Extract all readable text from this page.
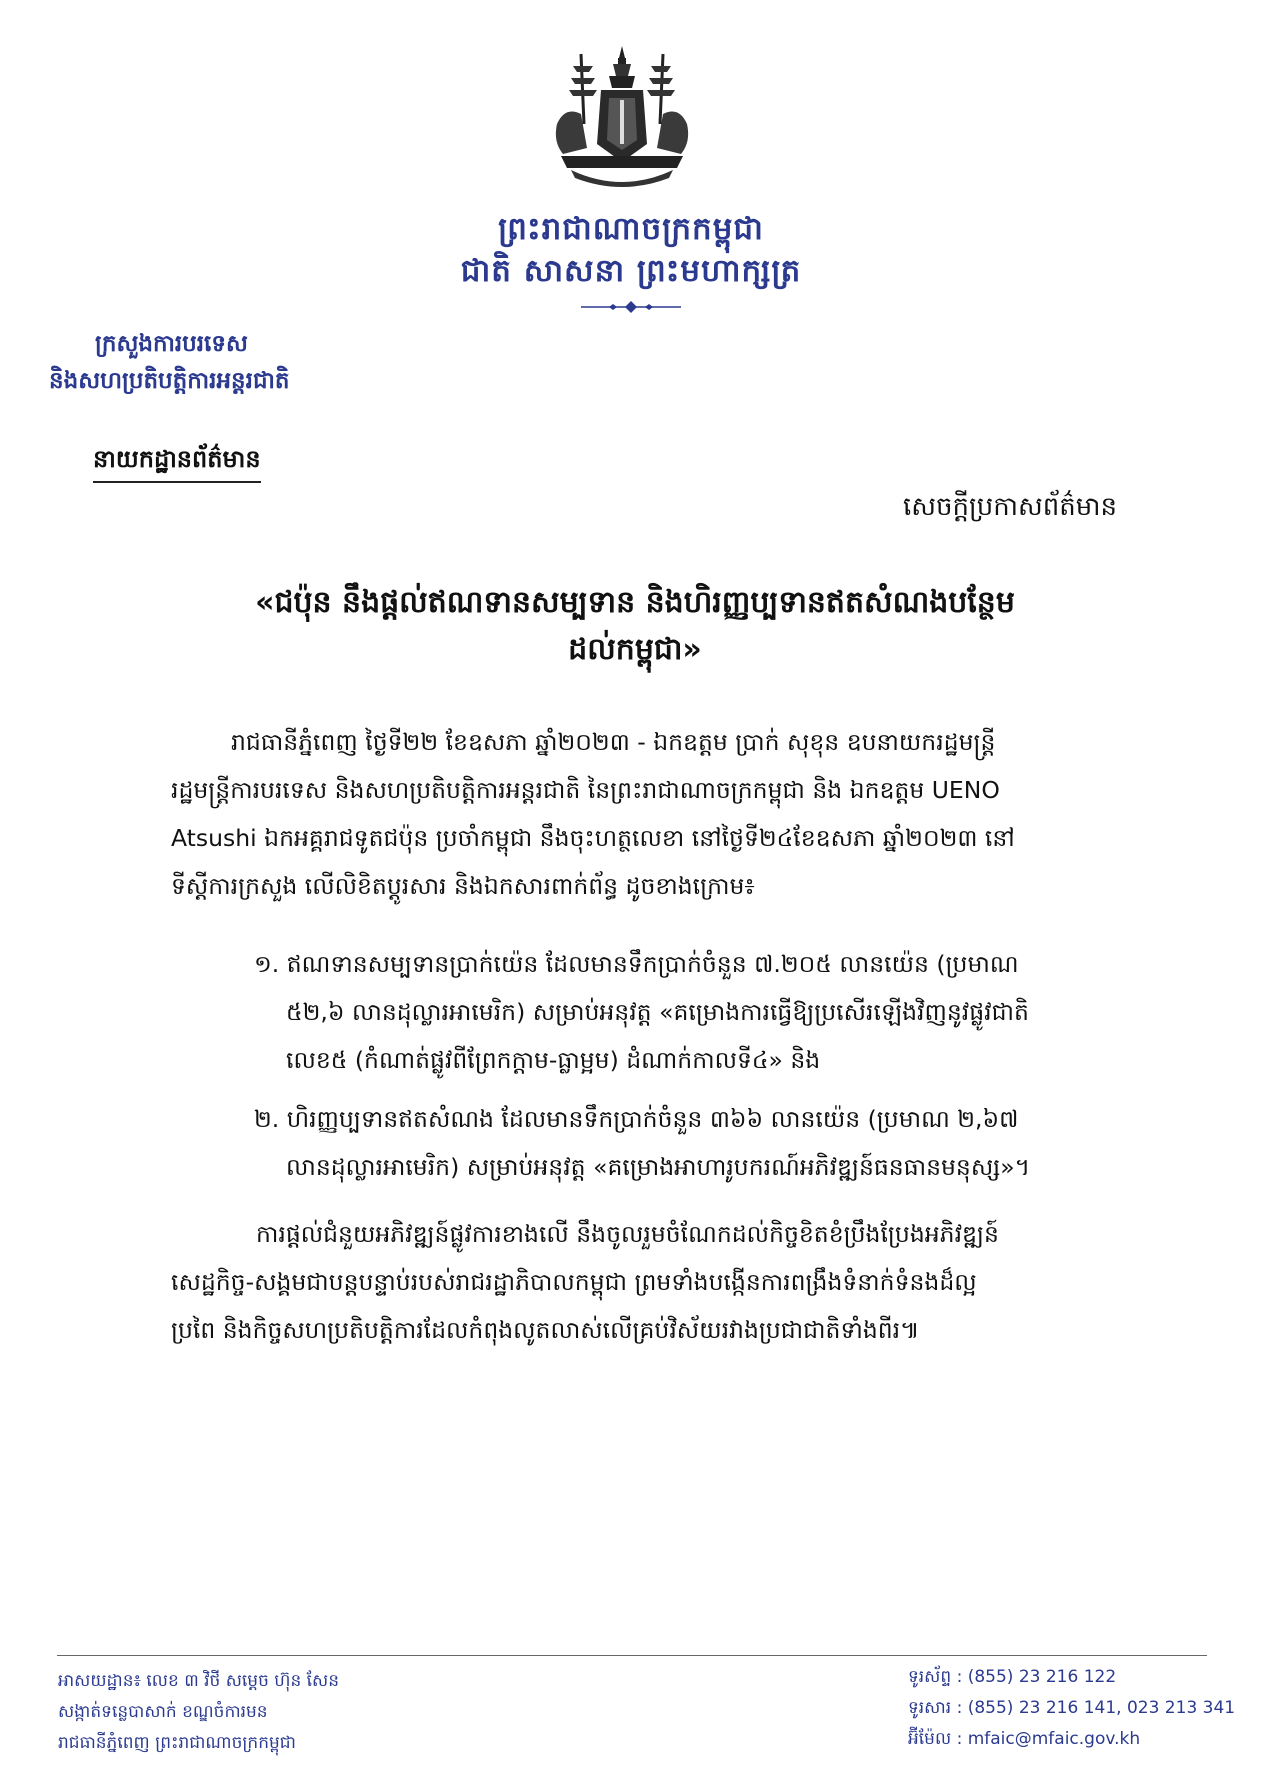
ព្រះរាជាណាចក្រកម្ពុជា
ជាតិ សាសនា ព្រះមហាក្សត្រ
ក្រសួងការបរទេស
និងសហប្រតិបត្តិការអន្តរជាតិ
នាយកដ្ឋានព័ត៌មាន
សេចក្តីប្រកាសព័ត៌មាន
«ជប៉ុន នឹងផ្តល់ឥណទានសម្បទាន និងហិរញ្ញប្បទានឥតសំណងបន្ថែម
ដល់កម្ពុជា»
រាជធានីភ្នំពេញ ថ្ងៃទី២២ ខែឧសភា ឆ្នាំ២០២៣ - ឯកឧត្តម ប្រាក់ សុខុន ឧបនាយករដ្ឋមន្ត្រី
រដ្ឋមន្ត្រីការបរទេស និងសហប្រតិបត្តិការអន្តរជាតិ នៃព្រះរាជាណាចក្រកម្ពុជា និង ឯកឧត្តម UENO
Atsushi ឯកអគ្គរាជទូតជប៉ុន ប្រចាំកម្ពុជា នឹងចុះហត្ថលេខា នៅថ្ងៃទី២៤ខែឧសភា ឆ្នាំ២០២៣ នៅ
ទីស្តីការក្រសួង លើលិខិតប្តូរសារ និងឯកសារពាក់ព័ន្ធ ដូចខាងក្រោម៖
១. ឥណទានសម្បទានប្រាក់យ៉េន ដែលមានទឹកប្រាក់ចំនួន ៧.២០៥ លានយ៉េន (ប្រមាណ
៥២,៦ លានដុល្លារអាមេរិក) សម្រាប់អនុវត្ត «គម្រោងការធ្វើឱ្យប្រសើរឡើងវិញនូវផ្លូវជាតិ
លេខ៥ (កំណាត់ផ្លូវពីព្រែកក្តាម-ធ្លាម្អម) ដំណាក់កាលទី៤» និង
២. ហិរញ្ញប្បទានឥតសំណង ដែលមានទឹកប្រាក់ចំនួន ៣៦៦ លានយ៉េន (ប្រមាណ ២,៦៧
លានដុល្លារអាមេរិក) សម្រាប់អនុវត្ត «គម្រោងអាហារូបករណ៍អភិវឌ្ឍន៍ធនធានមនុស្ស»។
ការផ្តល់ជំនួយអភិវឌ្ឍន៍ផ្លូវការខាងលើ នឹងចូលរួមចំណែកដល់កិច្ចខិតខំប្រឹងប្រែងអភិវឌ្ឍន៍
សេដ្ឋកិច្ច-សង្គមជាបន្តបន្ទាប់របស់រាជរដ្ឋាភិបាលកម្ពុជា ព្រមទាំងបង្កើនការពង្រឹងទំនាក់ទំនងដ៏ល្អ
ប្រពៃ និងកិច្ចសហប្រតិបត្តិការដែលកំពុងលូតលាស់លើគ្រប់វិស័យរវាងប្រជាជាតិទាំងពីរ៕
អាសយដ្ឋាន៖ លេខ ៣ វិថី សម្តេច ហ៊ុន សែន
សង្កាត់ទន្លេបាសាក់ ខណ្ឌចំការមន
រាជធានីភ្នំពេញ ព្រះរាជាណាចក្រកម្ពុជា
ទូរស័ព្ទ : (855) 23 216 122
ទូរសារ : (855) 23 216 141, 023 213 341
អ៊ីម៉ែល : mfaic@mfaic.gov.kh
